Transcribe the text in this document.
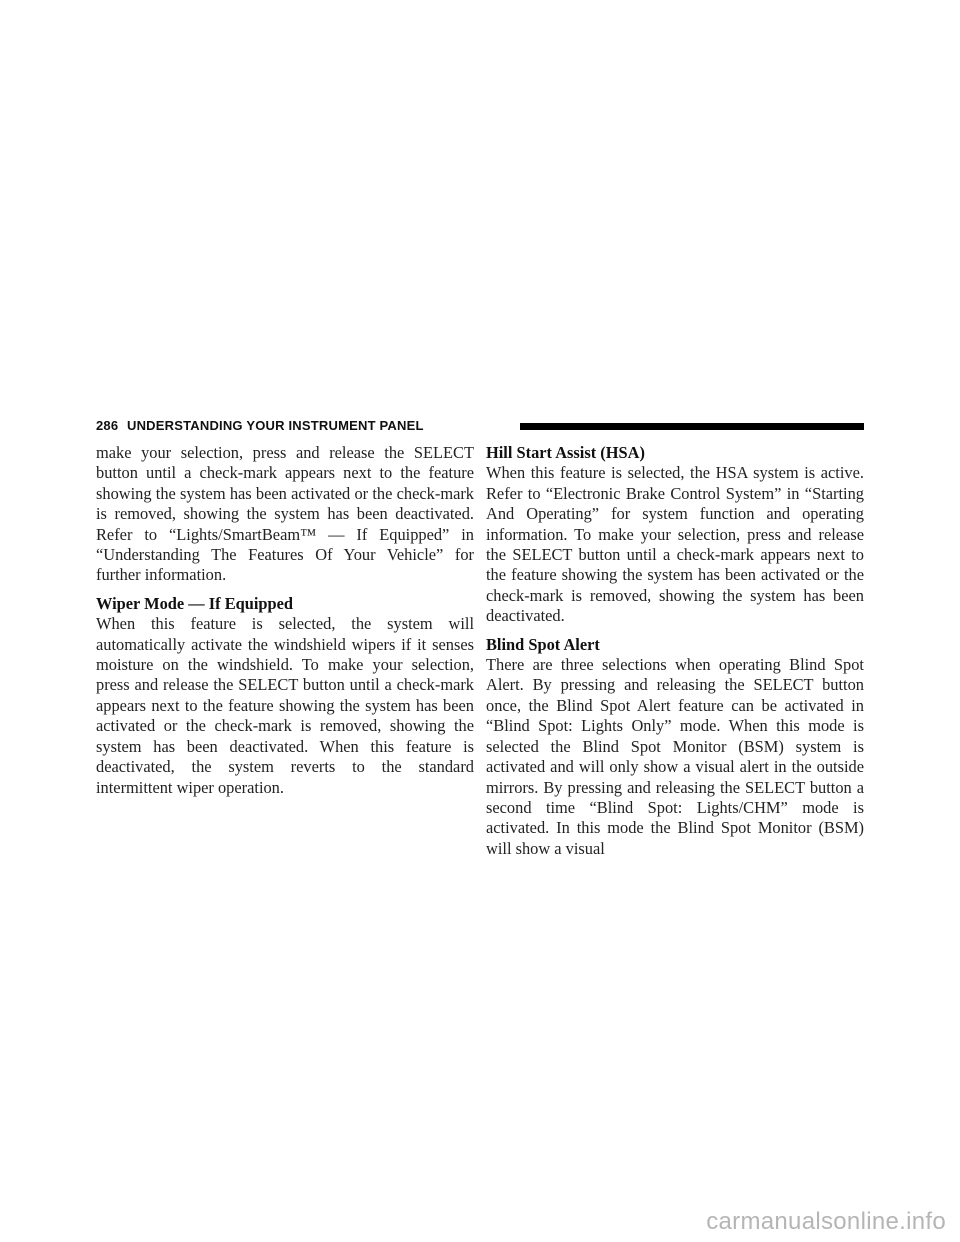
286 UNDERSTANDING YOUR INSTRUMENT PANEL

make your selection, press and release the SELECT button until a check-mark appears next to the feature showing the system has been activated or the check-mark is removed, showing the system has been deactivated. Refer to “Lights/SmartBeam™ — If Equipped” in “Understanding The Features Of Your Vehicle” for further information.

Wiper Mode — If Equipped

When this feature is selected, the system will automatically activate the windshield wipers if it senses moisture on the windshield. To make your selection, press and release the SELECT button until a check-mark appears next to the feature showing the system has been activated or the check-mark is removed, showing the system has been deactivated. When this feature is deactivated, the system reverts to the standard intermittent wiper operation.

Hill Start Assist (HSA)

When this feature is selected, the HSA system is active. Refer to “Electronic Brake Control System” in “Starting And Operating” for system function and operating information. To make your selection, press and release the SELECT button until a check-mark appears next to the feature showing the system has been activated or the check-mark is removed, showing the system has been deactivated.

Blind Spot Alert

There are three selections when operating Blind Spot Alert. By pressing and releasing the SELECT button once, the Blind Spot Alert feature can be activated in “Blind Spot: Lights Only” mode. When this mode is selected the Blind Spot Monitor (BSM) system is activated and will only show a visual alert in the outside mirrors. By pressing and releasing the SELECT button a second time “Blind Spot: Lights/CHM” mode is activated. In this mode the Blind Spot Monitor (BSM) will show a visual

carmanualsonline.info
